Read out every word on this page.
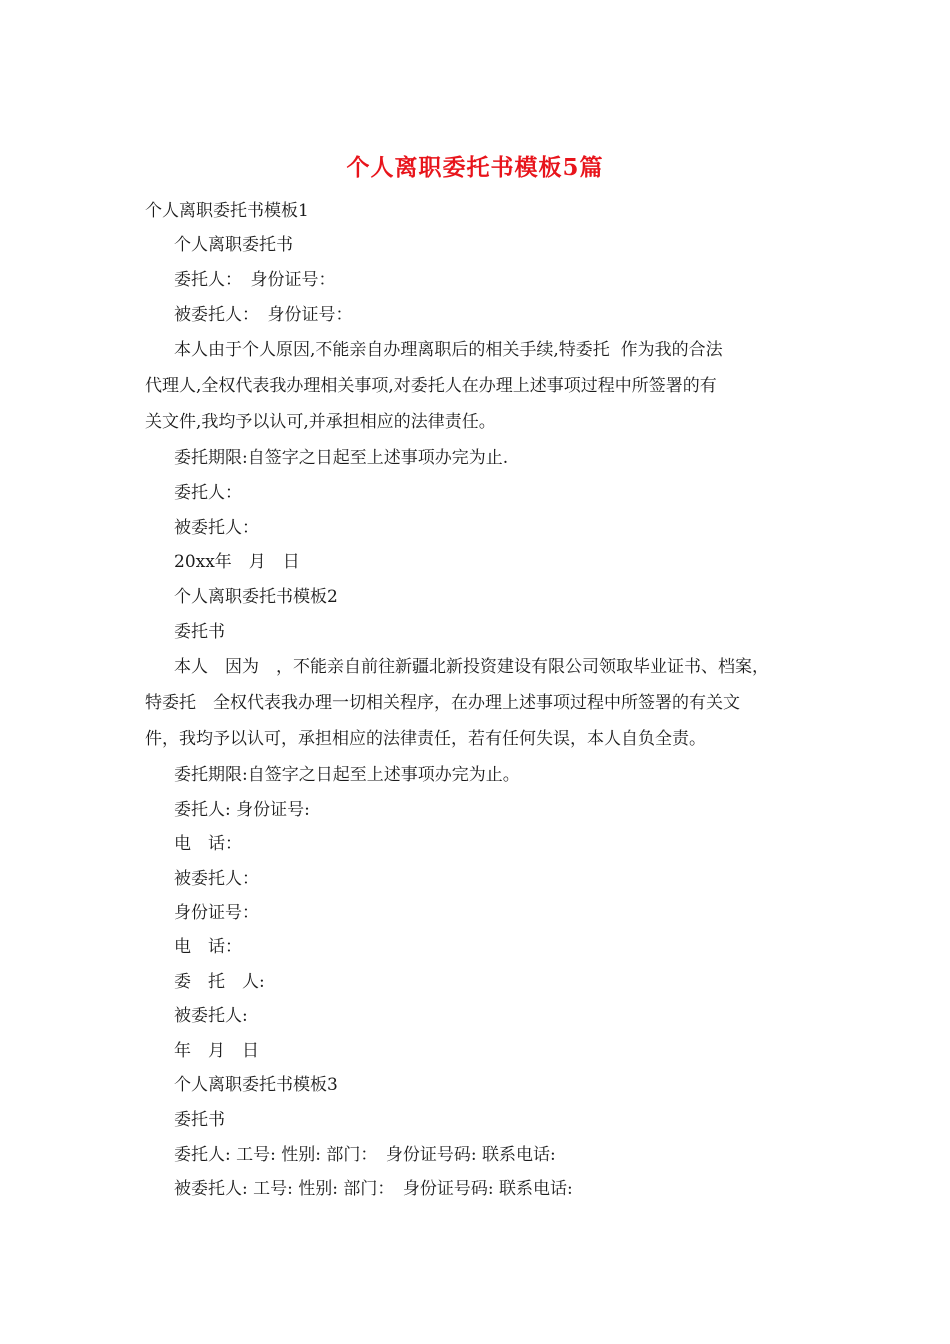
个人离职委托书模板5篇
个人离职委托书模板1
个人离职委托书
委托人：　身份证号：
被委托人：　身份证号：
本人由于个人原因,不能亲自办理离职后的相关手续,特委托  作为我的合法
代理人,全权代表我办理相关事项,对委托人在办理上述事项过程中所签署的有
关文件,我均予以认可,并承担相应的法律责任。
委托期限:自签字之日起至上述事项办完为止.
委托人：
被委托人：
20xx年　月　日
个人离职委托书模板2
委托书
本人　因为　，不能亲自前往新疆北新投资建设有限公司领取毕业证书、档案，
特委托　全权代表我办理一切相关程序，在办理上述事项过程中所签署的有关文
件，我均予以认可，承担相应的法律责任，若有任何失误，本人自负全责。
委托期限:自签字之日起至上述事项办完为止。
委托人: 身份证号:
电　话：
被委托人：
身份证号：
电　话：
委　托　人:
被委托人:
年　月　日
个人离职委托书模板3
委托书
委托人: 工号: 性别: 部门：　身份证号码: 联系电话:
被委托人: 工号: 性别: 部门：　身份证号码: 联系电话:
